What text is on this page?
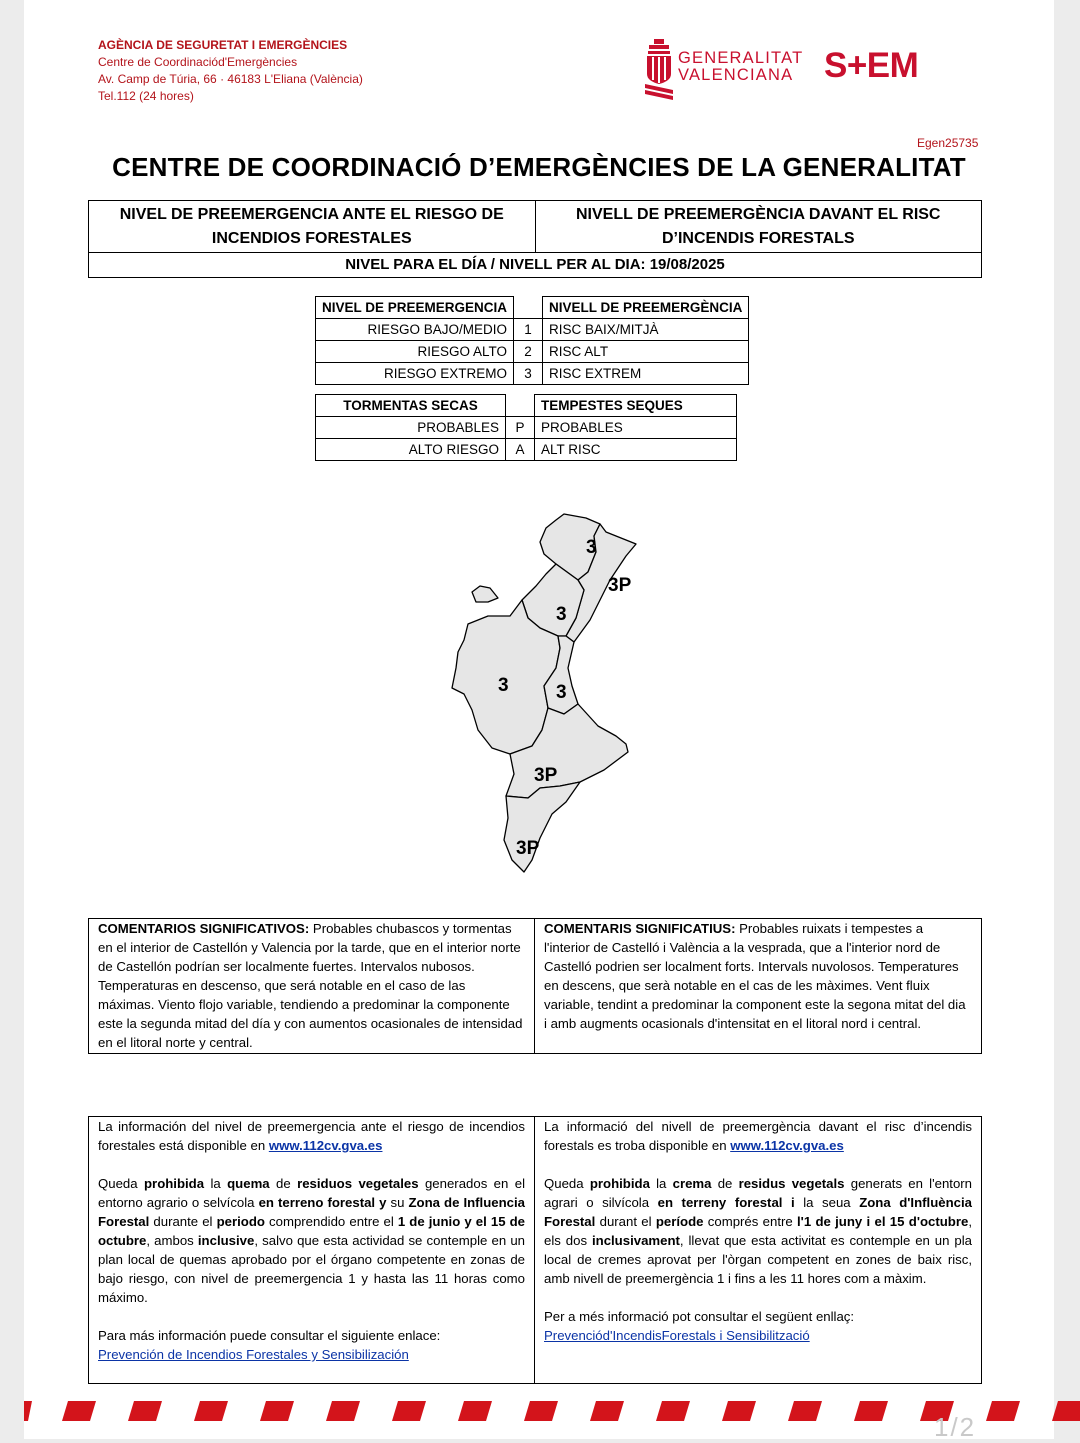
AGÈNCIA DE SEGURETAT I EMERGÈNCIES
Centre de Coordinaciód'Emergències
Av. Camp de Túria, 66 · 46183 L'Eliana (València)
Tel.112 (24 hores)
GENERALITAT
VALENCIANA S+EM
Egen25735
CENTRE DE COORDINACIÓ D’EMERGÈNCIES DE LA GENERALITAT
NIVEL DE PREEMERGENCIA ANTE EL RIESGO DE INCENDIOS FORESTALES
NIVELL DE PREEMERGÈNCIA DAVANT EL RISC D’INCENDIS FORESTALS
NIVEL PARA EL DÍA / NIVELL PER AL DIA: 19/08/2025
NIVEL DE PREEMERGENCIA		NIVELL DE PREEMERGÈNCIA
RIESGO BAJO/MEDIO	1	RISC BAIX/MITJÀ
RIESGO ALTO	2	RISC ALT
RIESGO EXTREMO	3	RISC EXTREM
TORMENTAS SECAS		TEMPESTES SEQUES
PROBABLES	P	PROBABLES
ALTO RIESGO	A	ALT RISC
3
3P
3
3 3
3P
3P
COMENTARIOS SIGNIFICATIVOS: Probables chubascos y tormentas en el interior de Castellón y Valencia por la tarde, que en el interior norte de Castellón podrían ser localmente fuertes. Intervalos nubosos. Temperaturas en descenso, que será notable en el caso de las máximas. Viento flojo variable, tendiendo a predominar la componente este la segunda mitad del día y con aumentos ocasionales de intensidad en el litoral norte y central.
COMENTARIS SIGNIFICATIUS: Probables ruixats i tempestes a l'interior de Castelló i València a la vesprada, que a l'interior nord de Castelló podrien ser localment forts. Intervals nuvolosos. Temperatures en descens, que serà notable en el cas de les màximes. Vent fluix variable, tendint a predominar la component este la segona mitat del dia i amb augments ocasionals d'intensitat en el litoral nord i central.

La información del nivel de preemergencia ante el riesgo de incendios forestales está disponible en www.112cv.gva.es

Queda prohibida la quema de residuos vegetales generados en el entorno agrario o selvícola en terreno forestal y su Zona de Influencia Forestal durante el periodo comprendido entre el 1 de junio y el 15 de octubre, ambos inclusive, salvo que esta actividad se contemple en un plan local de quemas aprobado por el órgano competente en zonas de bajo riesgo, con nivel de preemergencia 1 y hasta las 11 horas como máximo.

Para más información puede consultar el siguiente enlace:
Prevención de Incendios Forestales y Sensibilización

La informació del nivell de preemergència davant el risc d’incendis forestals es troba disponible en www.112cv.gva.es

Queda prohibida la crema de residus vegetals generats en l'entorn agrari o silvícola en terreny forestal i la seua Zona d'Influència Forestal durant el període comprés entre l'1 de juny i el 15 d'octubre, els dos inclusivament, llevat que esta activitat es contemple en un pla local de cremes aprovat per l'òrgan competent en zones de baix risc, amb nivell de preemergència 1 i fins a les 11 hores com a màxim.

Per a més informació pot consultar el següent enllaç:
Prevenciód'IncendisForestals i Sensibilització

1/2
